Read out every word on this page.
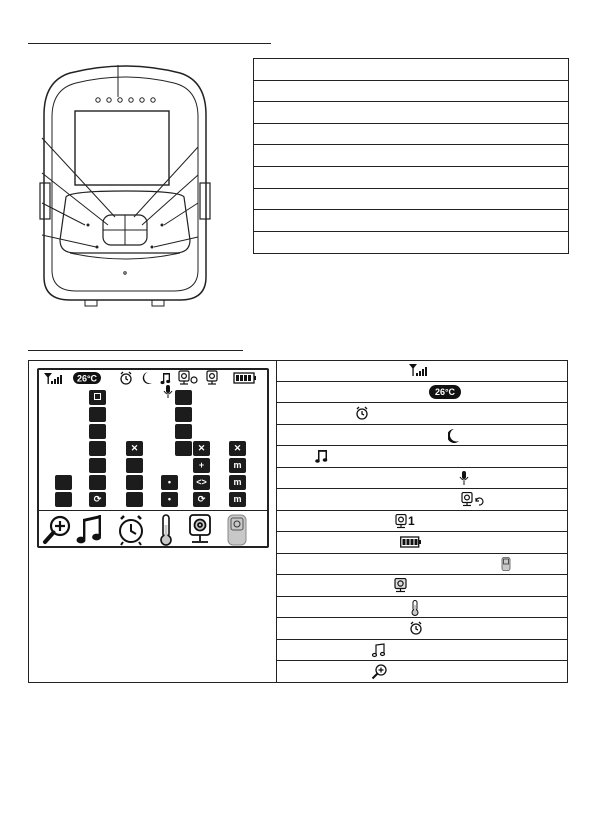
26°C
⟳
✕
•
•
✕
+
<>
⟳
✕
m
m
m
26°C
1
